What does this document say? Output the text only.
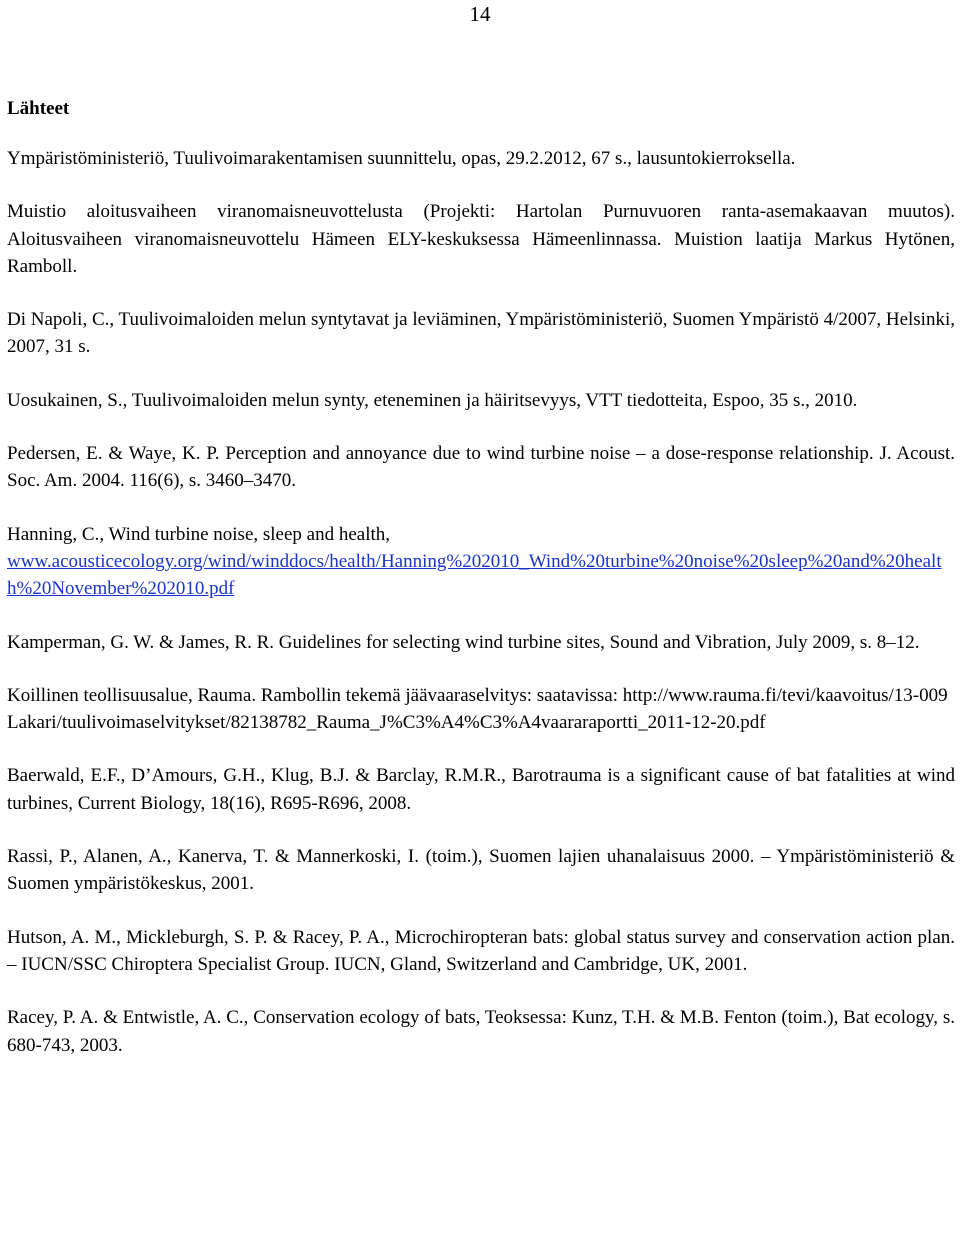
14
Lähteet

Ympäristöministeriö, Tuulivoimarakentamisen suunnittelu, opas, 29.2.2012, 67 s., lausuntokierroksella.

Muistio aloitusvaiheen viranomaisneuvottelusta (Projekti: Hartolan Purnuvuoren ranta-asemakaavan muutos). Aloitusvaiheen viranomaisneuvottelu Hämeen ELY-keskuksessa Hämeenlinnassa. Muistion laatija Markus Hytönen, Ramboll.

Di Napoli, C., Tuulivoimaloiden melun syntytavat ja leviäminen, Ympäristöministeriö, Suomen Ympäristö 4/2007, Helsinki, 2007, 31 s.

Uosukainen, S., Tuulivoimaloiden melun synty, eteneminen ja häiritsevyys, VTT tiedotteita, Espoo, 35 s., 2010.

Pedersen, E. & Waye, K. P. Perception and annoyance due to wind turbine noise – a dose-response relationship. J. Acoust. Soc. Am. 2004. 116(6), s. 3460–3470.

Hanning, C., Wind turbine noise, sleep and health,
www.acousticecology.org/wind/winddocs/health/Hanning%202010_Wind%20turbine%20noise%20sleep%20and%20health%20November%202010.pdf

Kamperman, G. W. & James, R. R. Guidelines for selecting wind turbine sites, Sound and Vibration, July 2009, s. 8–12.

Koillinen teollisuusalue, Rauma. Rambollin tekemä jäävaaraselvitys: saatavissa: http://www.rauma.fi/tevi/kaavoitus/13-009Lakari/tuulivoimaselvitykset/82138782_Rauma_J%C3%A4%C3%A4vaararaportti_2011-12-20.pdf

Baerwald, E.F., D’Amours, G.H., Klug, B.J. & Barclay, R.M.R., Barotrauma is a significant cause of bat fatalities at wind turbines, Current Biology, 18(16), R695-R696, 2008.

Rassi, P., Alanen, A., Kanerva, T. & Mannerkoski, I. (toim.), Suomen lajien uhanalaisuus 2000. – Ympäristöministeriö & Suomen ympäristökeskus, 2001.

Hutson, A. M., Mickleburgh, S. P. & Racey, P. A., Microchiropteran bats: global status survey and conservation action plan. – IUCN/SSC Chiroptera Specialist Group. IUCN, Gland, Switzerland and Cambridge, UK, 2001.

Racey, P. A. & Entwistle, A. C., Conservation ecology of bats, Teoksessa: Kunz, T.H. & M.B. Fenton (toim.), Bat ecology, s. 680-743, 2003.
